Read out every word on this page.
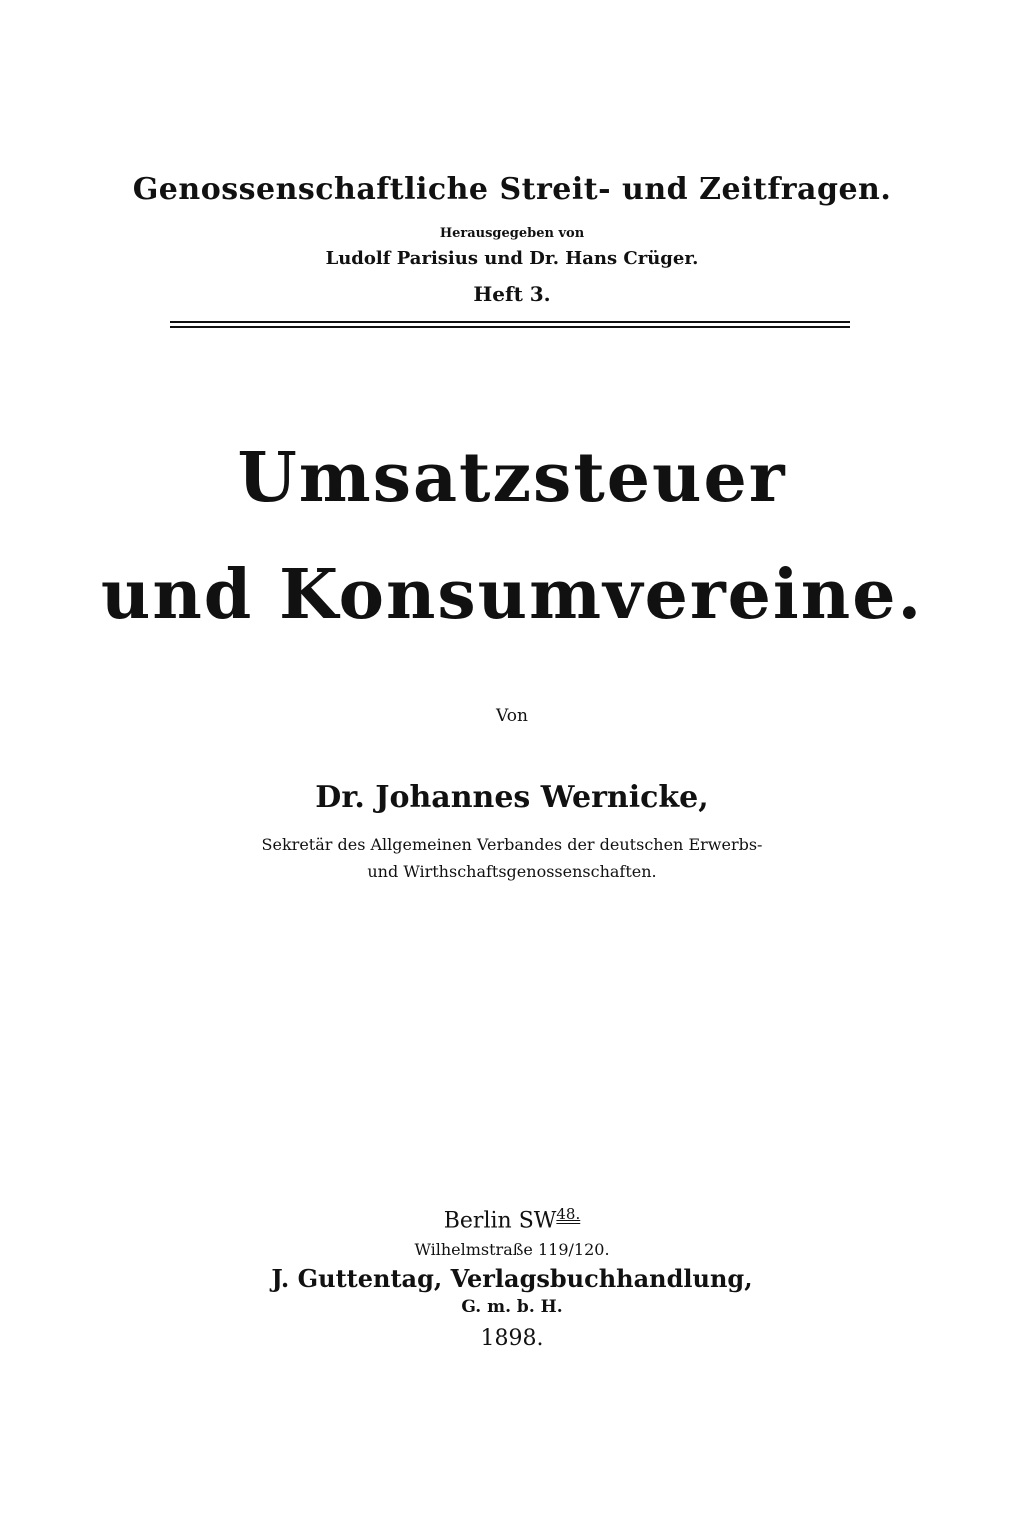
Genossenschaftliche Streit- und Zeitfragen.
Herausgegeben von
Ludolf Parisius und Dr. Hans Crüger.
Heft 3.
Umsatzsteuer
und Konsumvereine.
Von
Dr. Johannes Wernicke,
Sekretär des Allgemeinen Verbandes der deutschen Erwerbs-
und Wirthschaftsgenossenschaften.
Berlin $SW^{48.}$
Wilhelmstraße 119/120.
J. Guttentag, Verlagsbuchhandlung,
G. m. b. H.
1898.
